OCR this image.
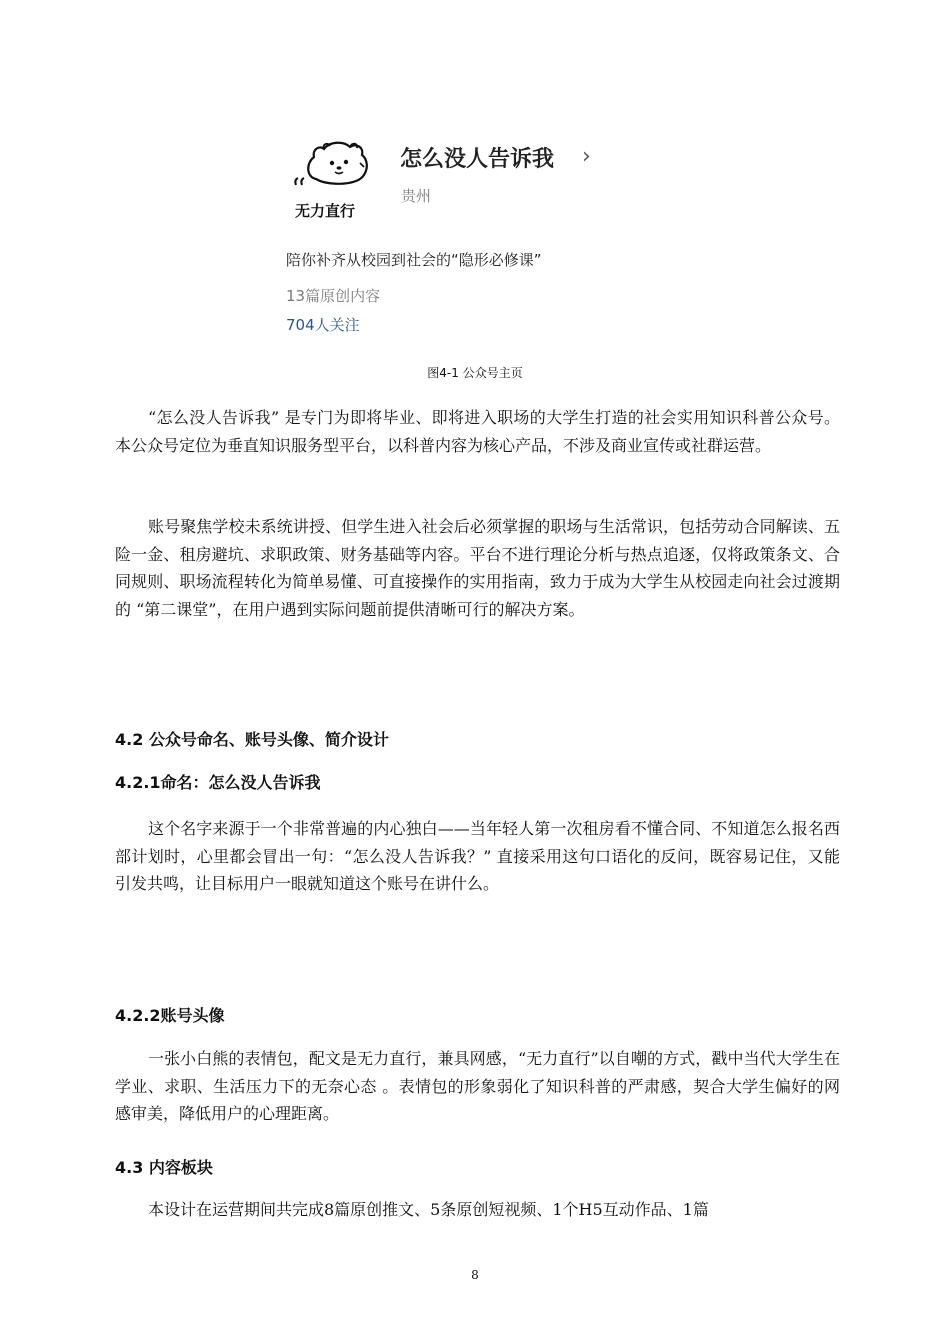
无力直行
怎么没人告诉我 ›
贵州
陪你补齐从校园到社会的“隐形必修课”
13篇原创内容
704人关注
图4-1 公众号主页

“怎么没人告诉我” 是专门为即将毕业、即将进入职场的大学生打造的社会实用知识科普公众号。本公众号定位为垂直知识服务型平台，以科普内容为核心产品，不涉及商业宣传或社群运营。

账号聚焦学校未系统讲授、但学生进入社会后必须掌握的职场与生活常识，包括劳动合同解读、五险一金、租房避坑、求职政策、财务基础等内容。平台不进行理论分析与热点追逐，仅将政策条文、合同规则、职场流程转化为简单易懂、可直接操作的实用指南，致力于成为大学生从校园走向社会过渡期的 “第二课堂”，在用户遇到实际问题前提供清晰可行的解决方案。

4.2 公众号命名、账号头像、简介设计
4.2.1命名：怎么没人告诉我

这个名字来源于一个非常普遍的内心独白——当年轻人第一次租房看不懂合同、不知道怎么报名西部计划时，心里都会冒出一句：“怎么没人告诉我？” 直接采用这句口语化的反问，既容易记住，又能引发共鸣，让目标用户一眼就知道这个账号在讲什么。

4.2.2账号头像

一张小白熊的表情包，配文是无力直行，兼具网感，“无力直行”以自嘲的方式，戳中当代大学生在学业、求职、生活压力下的无奈心态 。表情包的形象弱化了知识科普的严肃感，契合大学生偏好的网感审美，降低用户的心理距离。

4.3 内容板块

本设计在运营期间共完成8篇原创推文、5条原创短视频、1个H5互动作品、1篇

8
